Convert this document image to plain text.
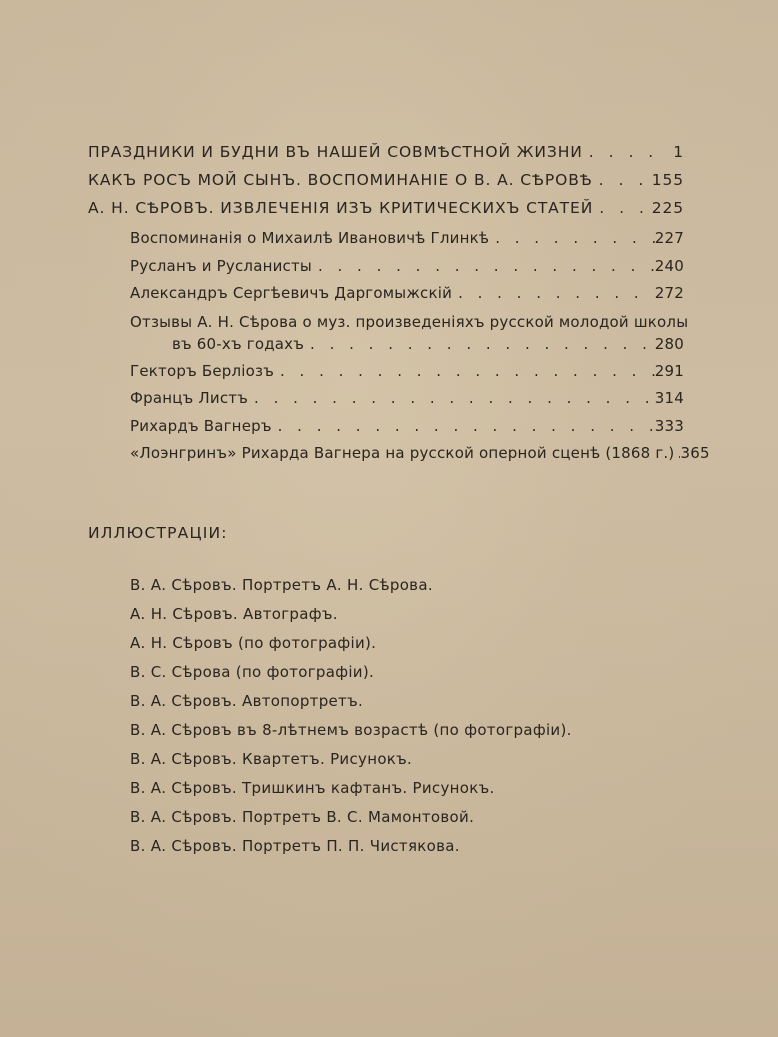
ПРАЗДНИКИ И БУДНИ ВЪ НАШЕЙ СОВМѢСТНОЙ ЖИЗНИ . . .	1
КАКЪ РОСЪ МОЙ СЫНЪ. ВОСПОМИНАНІЕ О В. А. СѢРОВѢ . . .	155
А. Н. СѢРОВЪ. ИЗВЛЕЧЕНІЯ ИЗЪ КРИТИЧЕСКИХЪ СТАТЕЙ . . .	225
Воспоминанія о Михаилѣ Ивановичѣ Глинкѣ . . .	227
Русланъ и Русланисты . . .	240
Александръ Сергѣевичъ Даргомыжскій . . .	272
Отзывы А. Н. Сѣрова о муз. произведеніяхъ русской молодой школы
въ 60-хъ годахъ . . .	280
Гекторъ Берліозъ . . .	291
Францъ Листъ . . .	314
Рихардъ Вагнеръ . . .	333
«Лоэнгринъ» Рихарда Вагнера на русской оперной сценѣ (1868 г.) . . . 365
ИЛЛЮСТРАЦІИ:
В. А. Сѣровъ. Портретъ А. Н. Сѣрова.
А. Н. Сѣровъ. Автографъ.
А. Н. Сѣровъ (по фотографіи).
В. С. Сѣрова (по фотографіи).
В. А. Сѣровъ. Автопортретъ.
В. А. Сѣровъ въ 8-лѣтнемъ возрастѣ (по фотографіи).
В. А. Сѣровъ. Квартетъ. Рисунокъ.
В. А. Сѣровъ. Тришкинъ кафтанъ. Рисунокъ.
В. А. Сѣровъ. Портретъ В. С. Мамонтовой.
В. А. Сѣровъ. Портретъ П. П. Чистякова.
